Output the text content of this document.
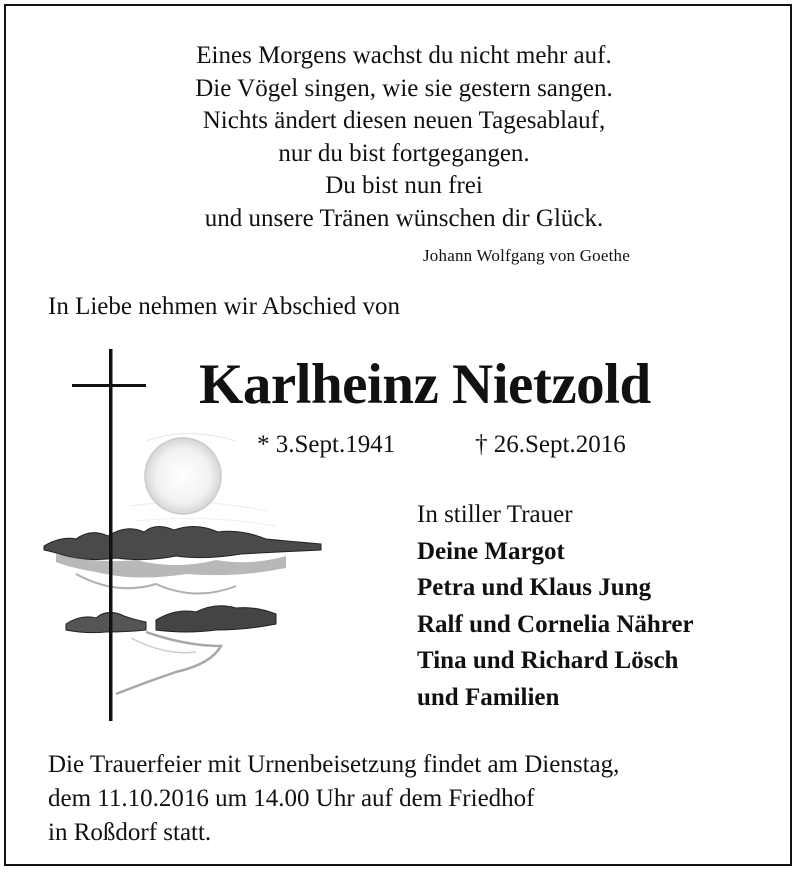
Eines Morgens wachst du nicht mehr auf.
Die Vögel singen, wie sie gestern sangen.
Nichts ändert diesen neuen Tagesablauf,
nur du bist fortgegangen.
Du bist nun frei
und unsere Tränen wünschen dir Glück.
Johann Wolfgang von Goethe
In Liebe nehmen wir Abschied von
Karlheinz Nietzold
* 3.Sept.1941	† 26.Sept.2016
In stiller Trauer
Deine Margot
Petra und Klaus Jung
Ralf und Cornelia Nährer
Tina und Richard Lösch
und Familien
Die Trauerfeier mit Urnenbeisetzung findet am Dienstag,
dem 11.10.2016 um 14.00 Uhr auf dem Friedhof
in Roßdorf statt.
